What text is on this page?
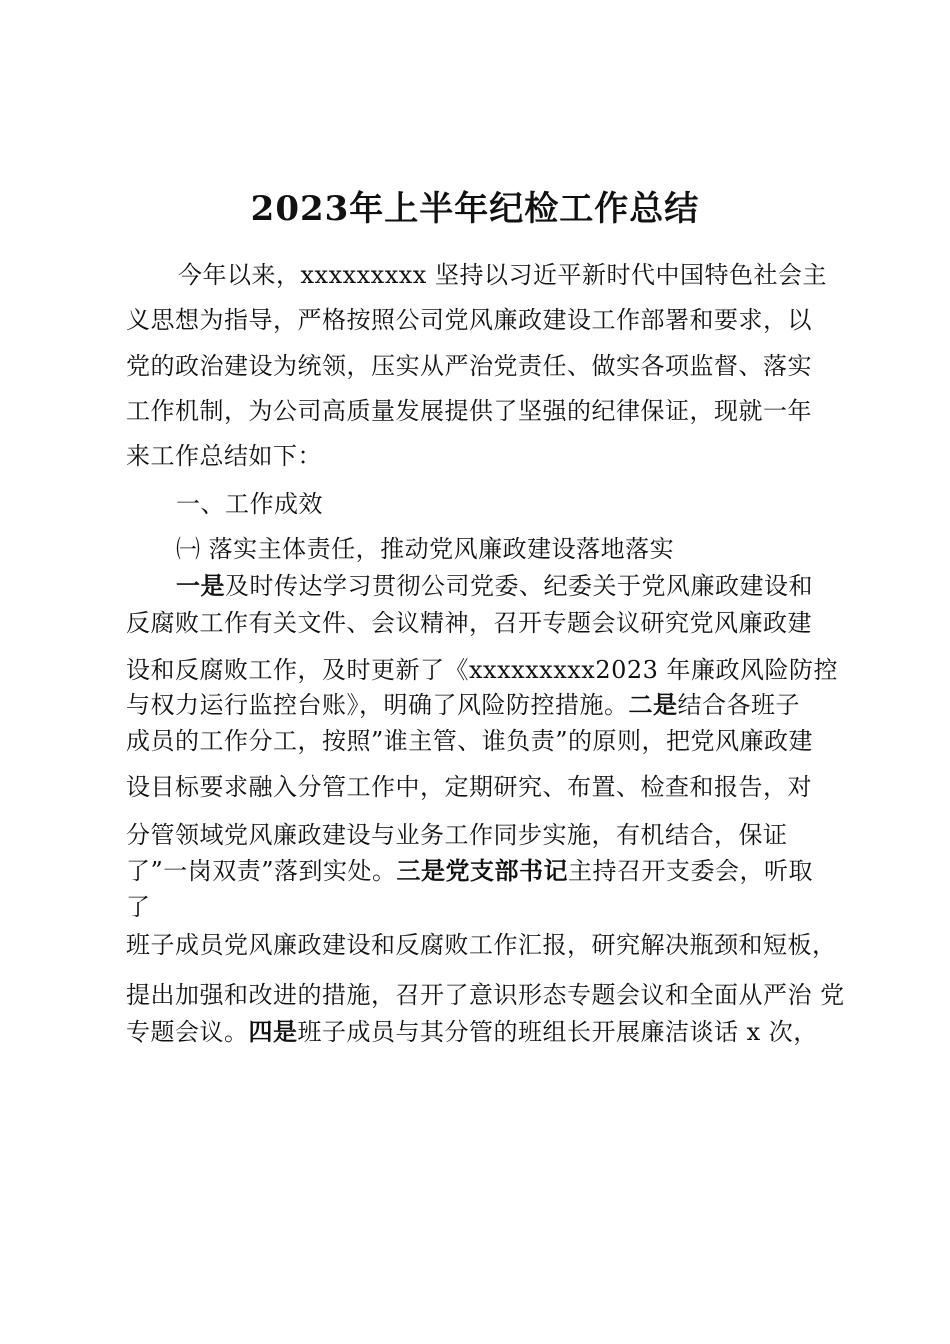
2023年上半年纪检工作总结
今年以来，xxxxxxxxx 坚持以习近平新时代中国特色社会主
义思想为指导，严格按照公司党风廉政建设工作部署和要求，以
党的政治建设为统领，压实从严治党责任、做实各项监督、落实
工作机制，为公司高质量发展提供了坚强的纪律保证，现就一年
来工作总结如下：
一、工作成效
㈠ 落实主体责任，推动党风廉政建设落地落实
一是及时传达学习贯彻公司党委、纪委关于党风廉政建设和
反腐败工作有关文件、会议精神，召开专题会议研究党风廉政建
设和反腐败工作，及时更新了《xxxxxxxxx2023 年廉政风险防控
与权力运行监控台账》，明确了风险防控措施。二是结合各班子
成员的工作分工，按照”谁主管、谁负责”的原则，把党风廉政建
设目标要求融入分管工作中，定期研究、布置、检查和报告，对
分管领域党风廉政建设与业务工作同步实施，有机结合，保证
了”一岗双责”落到实处。三是党支部书记主持召开支委会，听取
了
班子成员党风廉政建设和反腐败工作汇报，研究解决瓶颈和短板，
提出加强和改进的措施，召开了意识形态专题会议和全面从严治 党
专题会议。四是班子成员与其分管的班组长开展廉洁谈话 x 次，
